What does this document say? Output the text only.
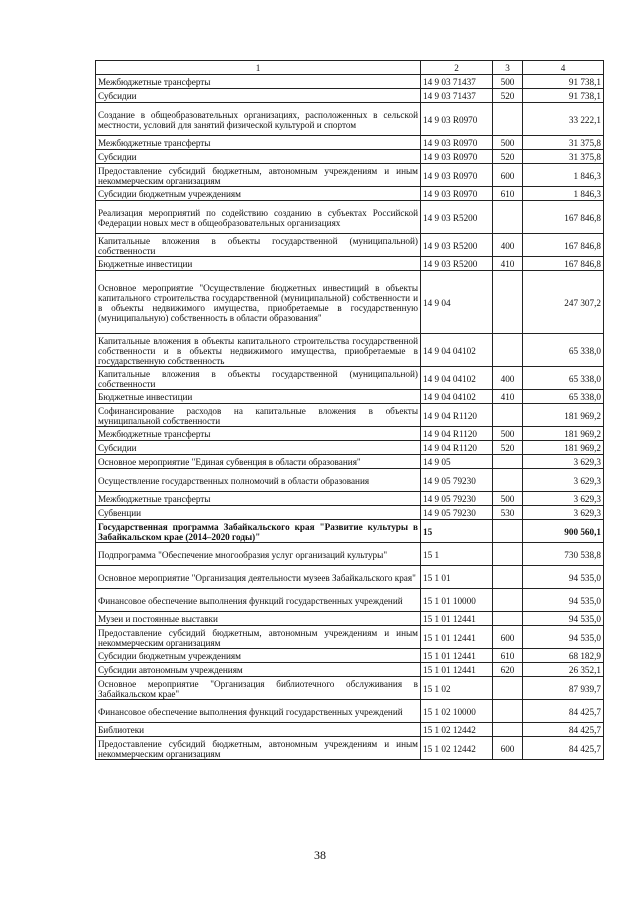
1	2	3	4
Межбюджетные трансферты	14 9 03 71437	500	91 738,1
Субсидии	14 9 03 71437	520	91 738,1
Создание в общеобразовательных организациях, расположенных в сельской местности, условий для занятий физической культурой и спортом	14 9 03 R0970		33 222,1
Межбюджетные трансферты	14 9 03 R0970	500	31 375,8
Субсидии	14 9 03 R0970	520	31 375,8
Предоставление субсидий бюджетным, автономным учреждениям и иным некоммерческим организациям	14 9 03 R0970	600	1 846,3
Субсидии бюджетным учреждениям	14 9 03 R0970	610	1 846,3
Реализация мероприятий по содействию созданию в субъектах Российской Федерации новых мест в общеобразовательных организациях	14 9 03 R5200		167 846,8
Капитальные вложения в объекты государственной (муниципальной) собственности	14 9 03 R5200	400	167 846,8
Бюджетные инвестиции	14 9 03 R5200	410	167 846,8
Основное мероприятие "Осуществление бюджетных инвестиций в объекты капитального строительства государственной (муниципальной) собственности и в объекты недвижимого имущества, приобретаемые в государственную (муниципальную) собственность в области образования"	14 9 04		247 307,2
Капитальные вложения в объекты капитального строительства государственной собственности и в объекты недвижимого имущества, приобретаемые в государственную собственность	14 9 04 04102		65 338,0
Капитальные вложения в объекты государственной (муниципальной) собственности	14 9 04 04102	400	65 338,0
Бюджетные инвестиции	14 9 04 04102	410	65 338,0
Софинансирование расходов на капитальные вложения в объекты муниципальной собственности	14 9 04 R1120		181 969,2
Межбюджетные трансферты	14 9 04 R1120	500	181 969,2
Субсидии	14 9 04 R1120	520	181 969,2
Основное мероприятие "Единая субвенция в области образования"	14 9 05		3 629,3
Осуществление государственных полномочий в области образования	14 9 05 79230		3 629,3
Межбюджетные трансферты	14 9 05 79230	500	3 629,3
Субвенции	14 9 05 79230	530	3 629,3
Государственная программа Забайкальского края "Развитие культуры в Забайкальском крае (2014–2020 годы)"	15		900 560,1
Подпрограмма "Обеспечение многообразия услуг организаций культуры"	15 1		730 538,8
Основное мероприятие "Организация деятельности музеев Забайкальского края"	15 1 01		94 535,0
Финансовое обеспечение выполнения функций государственных учреждений	15 1 01 10000		94 535,0
Музеи и постоянные выставки	15 1 01 12441		94 535,0
Предоставление субсидий бюджетным, автономным учреждениям и иным некоммерческим организациям	15 1 01 12441	600	94 535,0
Субсидии бюджетным учреждениям	15 1 01 12441	610	68 182,9
Субсидии автономным учреждениям	15 1 01 12441	620	26 352,1
Основное мероприятие "Организация библиотечного обслуживания в Забайкальском крае"	15 1 02		87 939,7
Финансовое обеспечение выполнения функций государственных учреждений	15 1 02 10000		84 425,7
Библиотеки	15 1 02 12442		84 425,7
Предоставление субсидий бюджетным, автономным учреждениям и иным некоммерческим организациям	15 1 02 12442	600	84 425,7
38
